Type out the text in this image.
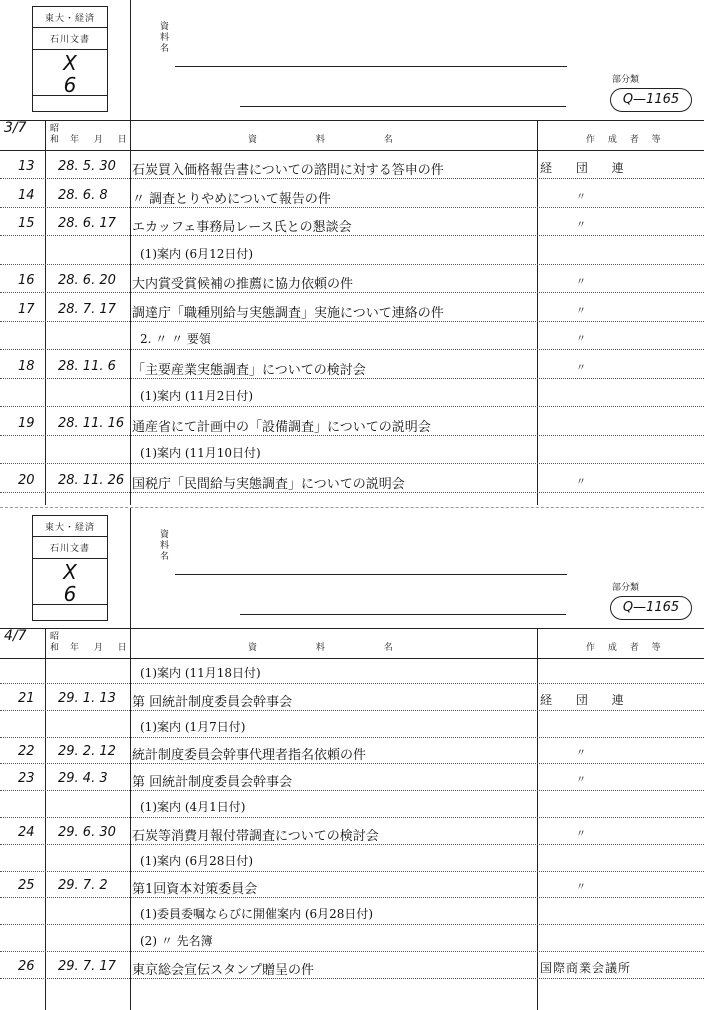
東大・経済
石川文書
X
6
資
料
名
部分類
Q—1165
3/7	昭和 年 月 日	資 料 名	作 成 者 等
13 28. 5. 30 石炭買入価格報告書についての諮問に対する答申の件	経 団 連
14 28. 6. 8 〃 調査とりやめについて報告の件	〃
15 28. 6. 17 エカッフェ事務局レース氏との懇談会	〃
(1)案内 (6月12日付)
16 28. 6. 20 大内賞受賞候補の推薦に協力依頼の件	〃
17 28. 7. 17 調達庁「職種別給与実態調査」実施について連絡の件	〃
2. 〃 〃 要領	〃
18 28. 11. 6 「主要産業実態調査」についての検討会	〃
(1)案内 (11月2日付)
19 28. 11. 16 通産省にて計画中の「設備調査」についての説明会
(1)案内 (11月10日付)
20 28. 11. 26 国税庁「民間給与実態調査」についての説明会	〃
東大・経済
石川文書
X
6
資
料
名
部分類
Q—1165
4/7	昭和 年 月 日	資 料 名	作 成 者 等
(1)案内 (11月18日付)
21 29. 1. 13 第 回統計制度委員会幹事会	経 団 連
(1)案内 (1月7日付)
22 29. 2. 12 統計制度委員会幹事代理者指名依頼の件	〃
23 29. 4. 3 第 回統計制度委員会幹事会	〃
(1)案内 (4月1日付)
24 29. 6. 30 石炭等消費月報付帯調査についての検討会	〃
(1)案内 (6月28日付)
25 29. 7. 2 第1回資本対策委員会	〃
(1)委員委嘱ならびに開催案内 (6月28日付)
(2) 〃 先名簿
26 29. 7. 17 東京総会宣伝スタンプ贈呈の件	国際商業会議所
